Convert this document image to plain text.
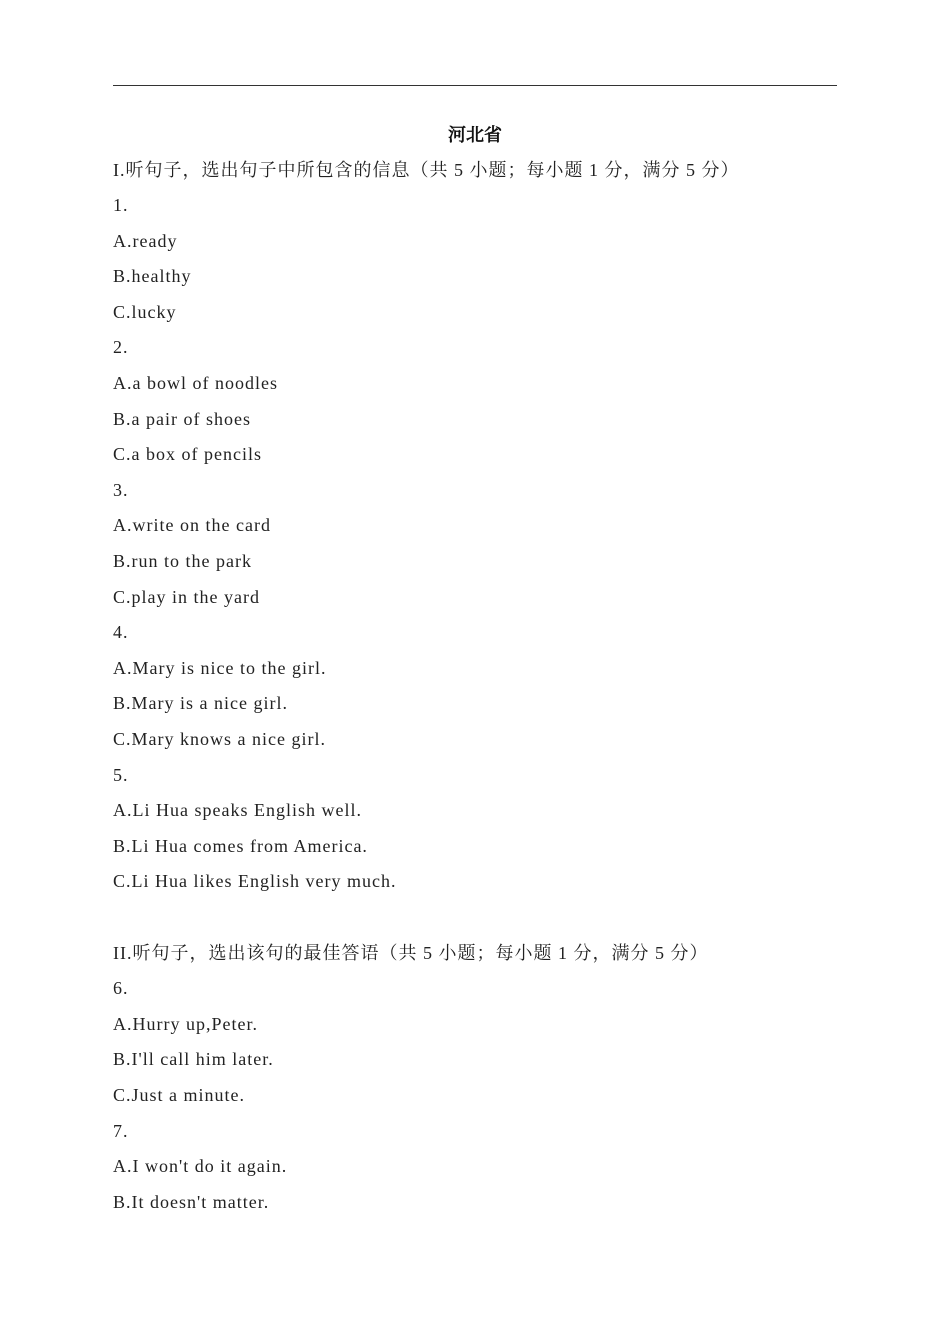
河北省
I.听句子，选出句子中所包含的信息（共 5 小题；每小题 1 分，满分 5 分）
1.
A.ready
B.healthy
C.lucky
2.
A.a bowl of noodles
B.a pair of shoes
C.a box of pencils
3.
A.write on the card
B.run to the park
C.play in the yard
4.
A.Mary is nice to the girl.
B.Mary is a nice girl.
C.Mary knows a nice girl.
5.
A.Li Hua speaks English well.
B.Li Hua comes from America.
C.Li Hua likes English very much.
II.听句子，选出该句的最佳答语（共 5 小题；每小题 1 分，满分 5 分）
6.
A.Hurry up,Peter.
B.I'll call him later.
C.Just a minute.
7.
A.I won't do it again.
B.It doesn't matter.
